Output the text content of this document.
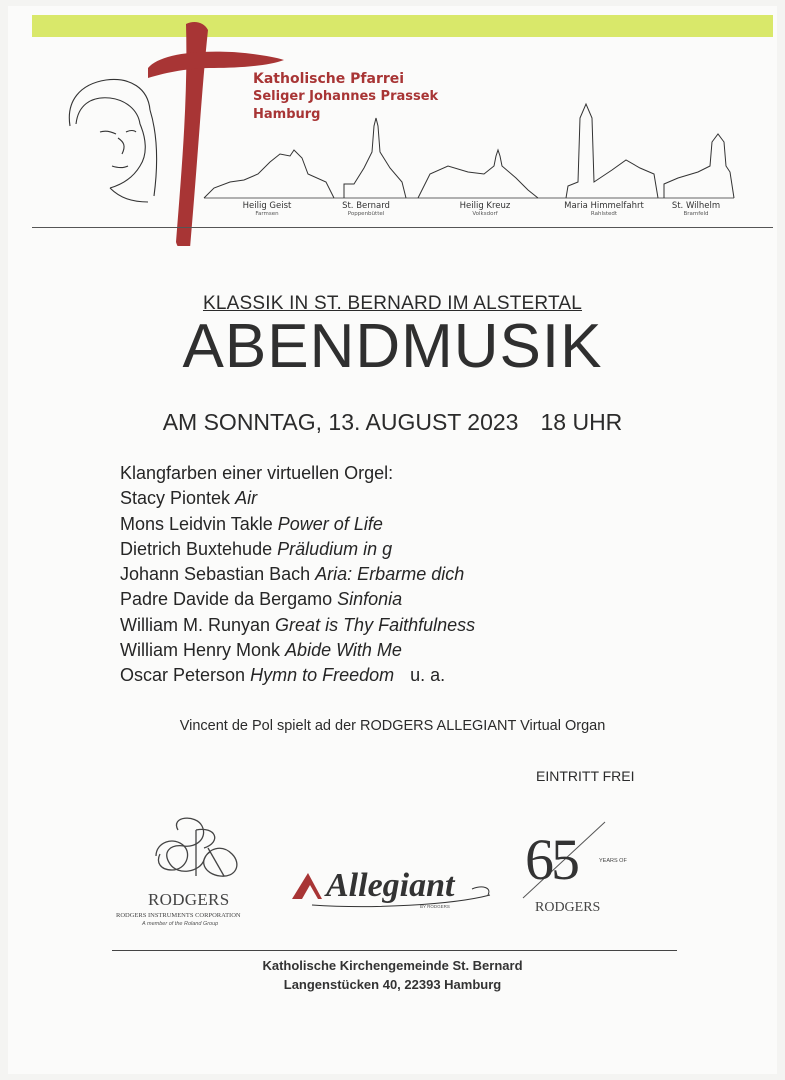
Katholische Pfarrei
Seliger Johannes Prassek
Hamburg
Heilig Geist
Farmsen
St. Bernard
Poppenbüttel
Heilig Kreuz
Volksdorf
Maria Himmelfahrt
Rahlstedt
St. Wilhelm
Bramfeld
KLASSIK IN ST. BERNARD IM ALSTERTAL
ABENDMUSIK
AM SONNTAG, 13. AUGUST 2023 18 UHR
Klangfarben einer virtuellen Orgel:
Stacy Piontek Air
Mons Leidvin Takle Power of Life
Dietrich Buxtehude Präludium in g
Johann Sebastian Bach Aria: Erbarme dich
Padre Davide da Bergamo Sinfonia
William M. Runyan Great is Thy Faithfulness
William Henry Monk Abide With Me
Oscar Peterson Hymn to Freedom u. a.
EINTRITT FREI
Vincent de Pol spielt ad der RODGERS ALLEGIANT Virtual Organ
RODGERS
RODGERS INSTRUMENTS CORPORATION
A member of the Roland Group
Allegiant
BY RODGERS
65	YEARS OF
RODGERS
Katholische Kirchengemeinde St. Bernard
Langenstücken 40, 22393 Hamburg
